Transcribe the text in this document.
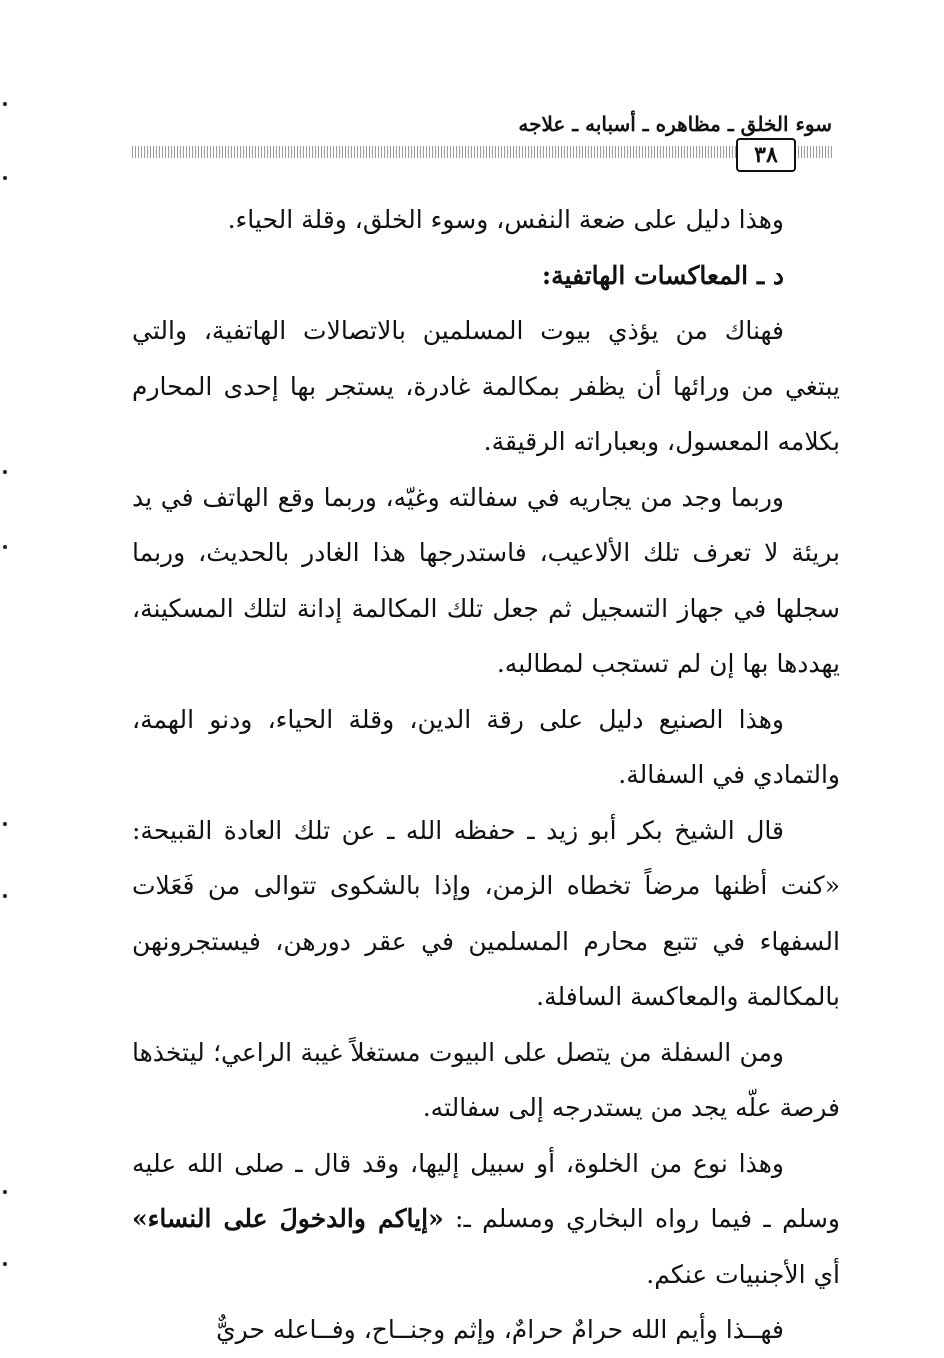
سوء الخلق ـ مظاهره ـ أسبابه ـ علاجه
٣٨

وهذا دليل على ضعة النفس، وسوء الخلق، وقلة الحياء.

د ـ المعاكسات الهاتفية:

فهناك من يؤذي بيوت المسلمين بالاتصالات الهاتفية، والتي يبتغي من ورائها أن يظفر بمكالمة غادرة، يستجر بها إحدى المحارم بكلامه المعسول، وبعباراته الرقيقة.

وربما وجد من يجاريه في سفالته وغيّه، وربما وقع الهاتف في يد بريئة لا تعرف تلك الألاعيب، فاستدرجها هذا الغادر بالحديث، وربما سجلها في جهاز التسجيل ثم جعل تلك المكالمة إدانة لتلك المسكينة، يهددها بها إن لم تستجب لمطالبه.

وهذا الصنيع دليل على رقة الدين، وقلة الحياء، ودنو الهمة، والتمادي في السفالة.

قال الشيخ بكر أبو زيد ـ حفظه الله ـ عن تلك العادة القبيحة: «كنت أظنها مرضاً تخطاه الزمن، وإذا بالشكوى تتوالى من فَعَلات السفهاء في تتبع محارم المسلمين في عقر دورهن، فيستجرونهن بالمكالمة والمعاكسة السافلة.

ومن السفلة من يتصل على البيوت مستغلاً غيبة الراعي؛ ليتخذها فرصة علّه يجد من يستدرجه إلى سفالته.

وهذا نوع من الخلوة، أو سبيل إليها، وقد قال ـ صلى الله عليه وسلم ـ فيما رواه البخاري ومسلم ـ: «إياكم والدخولَ على النساء» أي الأجنبيات عنكم.

فهــذا وأيم الله حرامٌ حرامٌ، وإثم وجنــاح، وفــاعله حريٌّ
